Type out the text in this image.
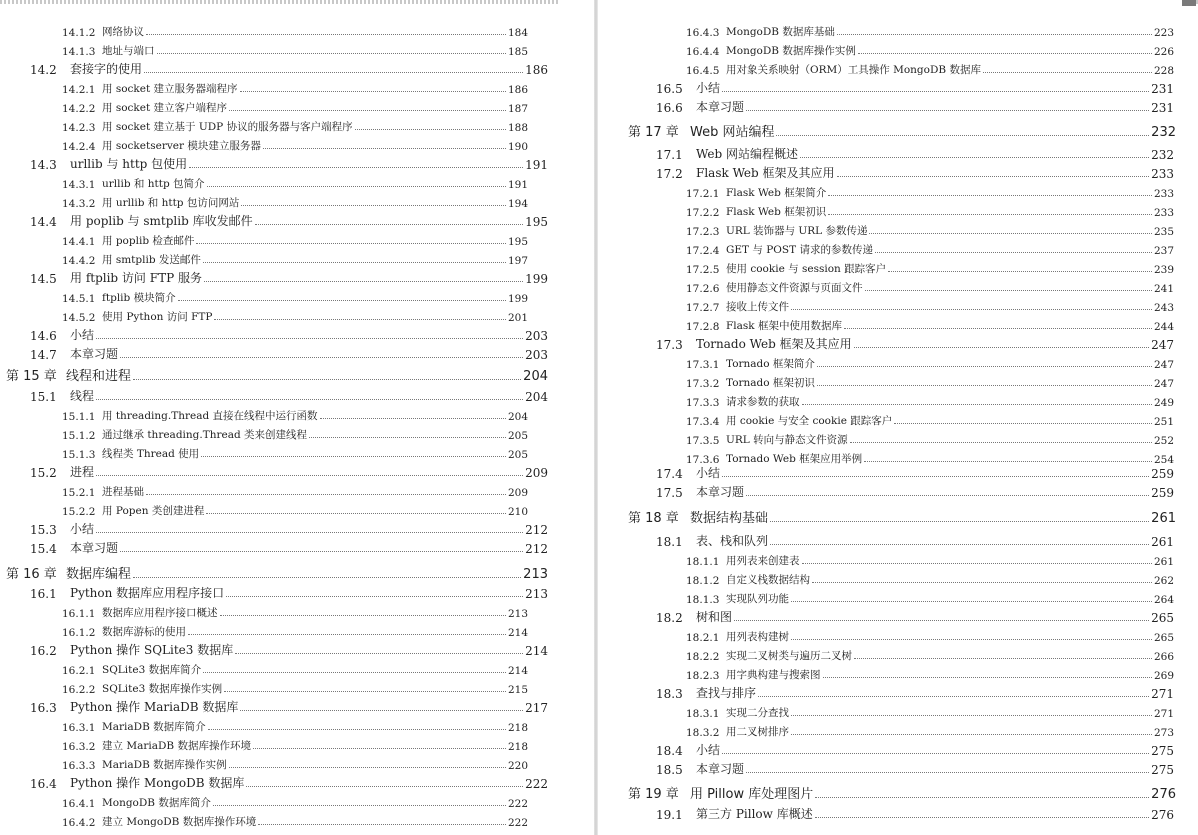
14.1.2 网络协议	184
14.1.3 地址与端口	185
14.2	套接字的使用	186
14.2.1 用 socket 建立服务器端程序	186
14.2.2 用 socket 建立客户端程序	187
14.2.3 用 socket 建立基于 UDP 协议的服务器与客户端程序	188
14.2.4 用 socketserver 模块建立服务器	190
14.3	urllib 与 http 包使用	191
14.3.1 urllib 和 http 包简介	191
14.3.2 用 urllib 和 http 包访问网站	194
14.4	用 poplib 与 smtplib 库收发邮件	195
14.4.1 用 poplib 检查邮件	195
14.4.2 用 smtplib 发送邮件	197
14.5	用 ftplib 访问 FTP 服务	199
14.5.1 ftplib 模块简介	199
14.5.2 使用 Python 访问 FTP	201
14.6	小结	203
14.7	本章习题	203
第 15 章 线程和进程	204
15.1	线程	204
15.1.1 用 threading.Thread 直接在线程中运行函数	204
15.1.2 通过继承 threading.Thread 类来创建线程	205
15.1.3 线程类 Thread 使用	205
15.2	进程	209
15.2.1 进程基础	209
15.2.2 用 Popen 类创建进程	210
15.3	小结	212
15.4	本章习题	212
第 16 章 数据库编程	213
16.1	Python 数据库应用程序接口	213
16.1.1 数据库应用程序接口概述	213
16.1.2 数据库游标的使用	214
16.2	Python 操作 SQLite3 数据库	214
16.2.1 SQLite3 数据库简介	214
16.2.2 SQLite3 数据库操作实例	215
16.3	Python 操作 MariaDB 数据库	217
16.3.1 MariaDB 数据库简介	218
16.3.2 建立 MariaDB 数据库操作环境	218
16.3.3 MariaDB 数据库操作实例	220
16.4	Python 操作 MongoDB 数据库	222
16.4.1 MongoDB 数据库简介	222
16.4.2 建立 MongoDB 数据库操作环境	222
16.4.3 MongoDB 数据库基础	223
16.4.4 MongoDB 数据库操作实例	226
16.4.5 用对象关系映射（ORM）工具操作 MongoDB 数据库	228
16.5	小结	231
16.6	本章习题	231
第 17 章 Web 网站编程	232
17.1	Web 网站编程概述	232
17.2	Flask Web 框架及其应用	233
17.2.1 Flask Web 框架简介	233
17.2.2 Flask Web 框架初识	233
17.2.3 URL 装饰器与 URL 参数传递	235
17.2.4 GET 与 POST 请求的参数传递	237
17.2.5 使用 cookie 与 session 跟踪客户	239
17.2.6 使用静态文件资源与页面文件	241
17.2.7 接收上传文件	243
17.2.8 Flask 框架中使用数据库	244
17.3	Tornado Web 框架及其应用	247
17.3.1 Tornado 框架简介	247
17.3.2 Tornado 框架初识	247
17.3.3 请求参数的获取	249
17.3.4 用 cookie 与安全 cookie 跟踪客户	251
17.3.5 URL 转向与静态文件资源	252
17.3.6 Tornado Web 框架应用举例	254
17.4	小结	259
17.5	本章习题	259
第 18 章 数据结构基础	261
18.1	表、栈和队列	261
18.1.1 用列表来创建表	261
18.1.2 自定义栈数据结构	262
18.1.3 实现队列功能	264
18.2	树和图	265
18.2.1 用列表构建树	265
18.2.2 实现二叉树类与遍历二叉树	266
18.2.3 用字典构建与搜索图	269
18.3	查找与排序	271
18.3.1 实现二分查找	271
18.3.2 用二叉树排序	273
18.4	小结	275
18.5	本章习题	275
第 19 章 用 Pillow 库处理图片	276
19.1	第三方 Pillow 库概述	276
